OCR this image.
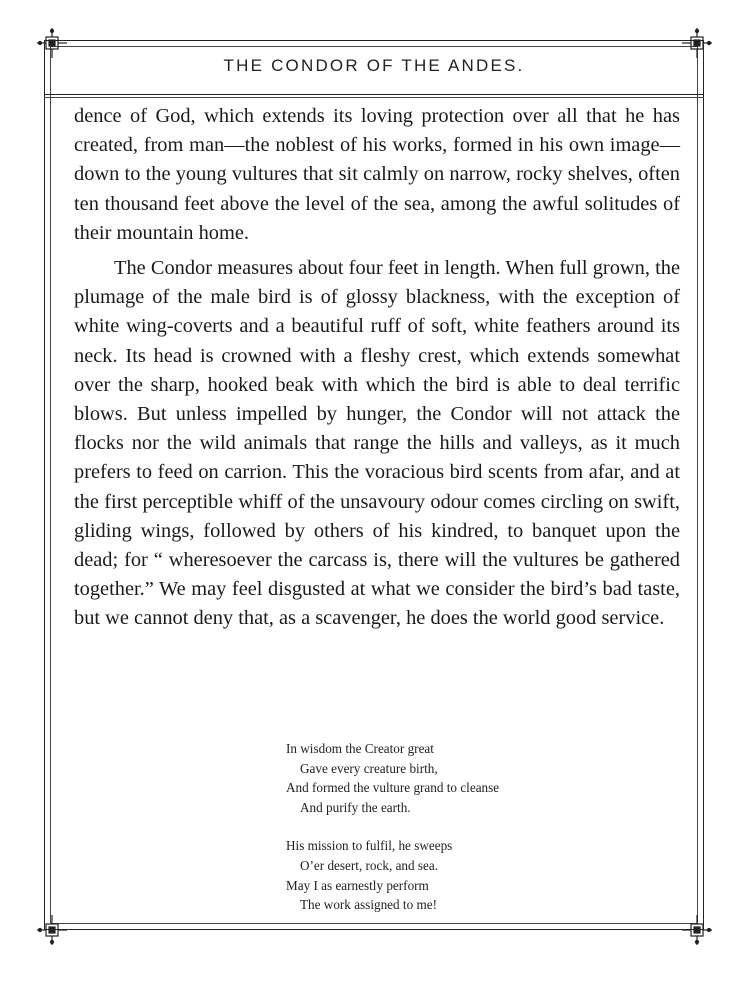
THE CONDOR OF THE ANDES.

dence of God, which extends its loving protection over all that he has created, from man—the noblest of his works, formed in his own image—down to the young vultures that sit calmly on narrow, rocky shelves, often ten thousand feet above the level of the sea, among the awful solitudes of their mountain home.

The Condor measures about four feet in length. When full grown, the plumage of the male bird is of glossy blackness, with the exception of white wing-coverts and a beautiful ruff of soft, white feathers around its neck. Its head is crowned with a fleshy crest, which extends somewhat over the sharp, hooked beak with which the bird is able to deal terrific blows. But unless impelled by hunger, the Condor will not attack the flocks nor the wild animals that range the hills and valleys, as it much prefers to feed on carrion. This the voracious bird scents from afar, and at the first perceptible whiff of the unsavoury odour comes circling on swift, gliding wings, followed by others of his kindred, to banquet upon the dead; for “ wheresoever the carcass is, there will the vultures be gathered together.” We may feel disgusted at what we consider the bird’s bad taste, but we cannot deny that, as a scavenger, he does the world good service.

In wisdom the Creator great
Gave every creature birth,
And formed the vulture grand to cleanse
And purify the earth.
His mission to fulfil, he sweeps
O’er desert, rock, and sea.
May I as earnestly perform
The work assigned to me!
